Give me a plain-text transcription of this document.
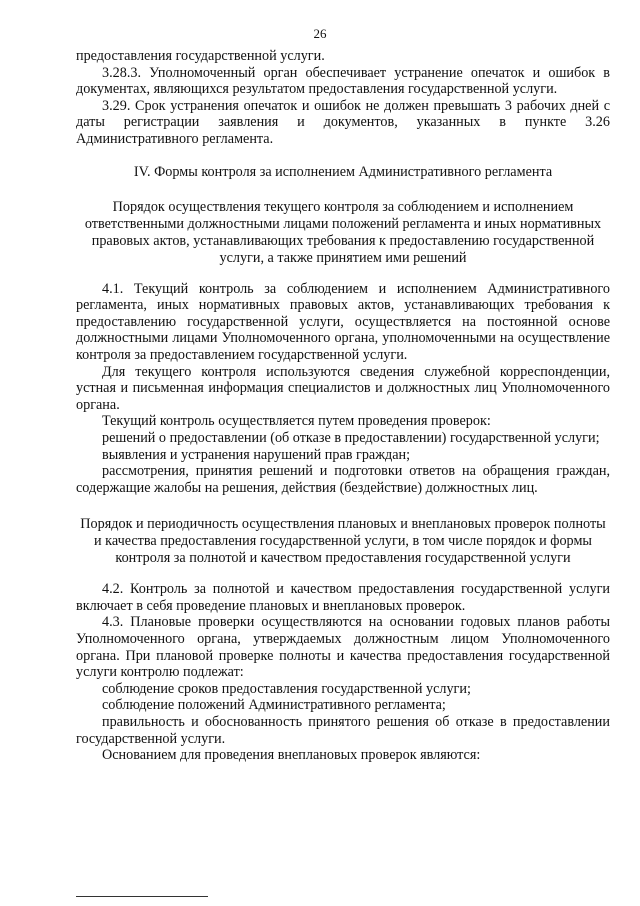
26

предоставления государственной услуги.

3.28.3. Уполномоченный орган обеспечивает устранение опечаток и ошибок в документах, являющихся результатом предоставления государственной услуги.

3.29. Срок устранения опечаток и ошибок не должен превышать 3 рабочих дней с даты регистрации заявления и документов, указанных в пункте 3.26 Административного регламента.

IV. Формы контроля за исполнением Административного регламента
Порядок осуществления текущего контроля за соблюдением и исполнением ответственными должностными лицами положений регламента и иных нормативных правовых актов, устанавливающих требования к предоставлению государственной услуги, а также принятием ими решений

4.1. Текущий контроль за соблюдением и исполнением Административного регламента, иных нормативных правовых актов, устанавливающих требования к предоставлению государственной услуги, осуществляется на постоянной основе должностными лицами Уполномоченного органа, уполномоченными на осуществление контроля за предоставлением государственной услуги.

Для текущего контроля используются сведения служебной корреспонденции, устная и письменная информация специалистов и должностных лиц Уполномоченного органа.

Текущий контроль осуществляется путем проведения проверок:

решений о предоставлении (об отказе в предоставлении) государственной услуги;

выявления и устранения нарушений прав граждан;

рассмотрения, принятия решений и подготовки ответов на обращения граждан, содержащие жалобы на решения, действия (бездействие) должностных лиц.

Порядок и периодичность осуществления плановых и внеплановых проверок полноты и качества предоставления государственной услуги, в том числе порядок и формы контроля за полнотой и качеством предоставления государственной услуги

4.2. Контроль за полнотой и качеством предоставления государственной услуги включает в себя проведение плановых и внеплановых проверок.

4.3. Плановые проверки осуществляются на основании годовых планов работы Уполномоченного органа, утверждаемых должностным лицом Уполномоченного органа. При плановой проверке полноты и качества предоставления государственной услуги контролю подлежат:

соблюдение сроков предоставления государственной услуги;

соблюдение положений Административного регламента;

правильность и обоснованность принятого решения об отказе в предоставлении государственной услуги.

Основанием для проведения внеплановых проверок являются:
